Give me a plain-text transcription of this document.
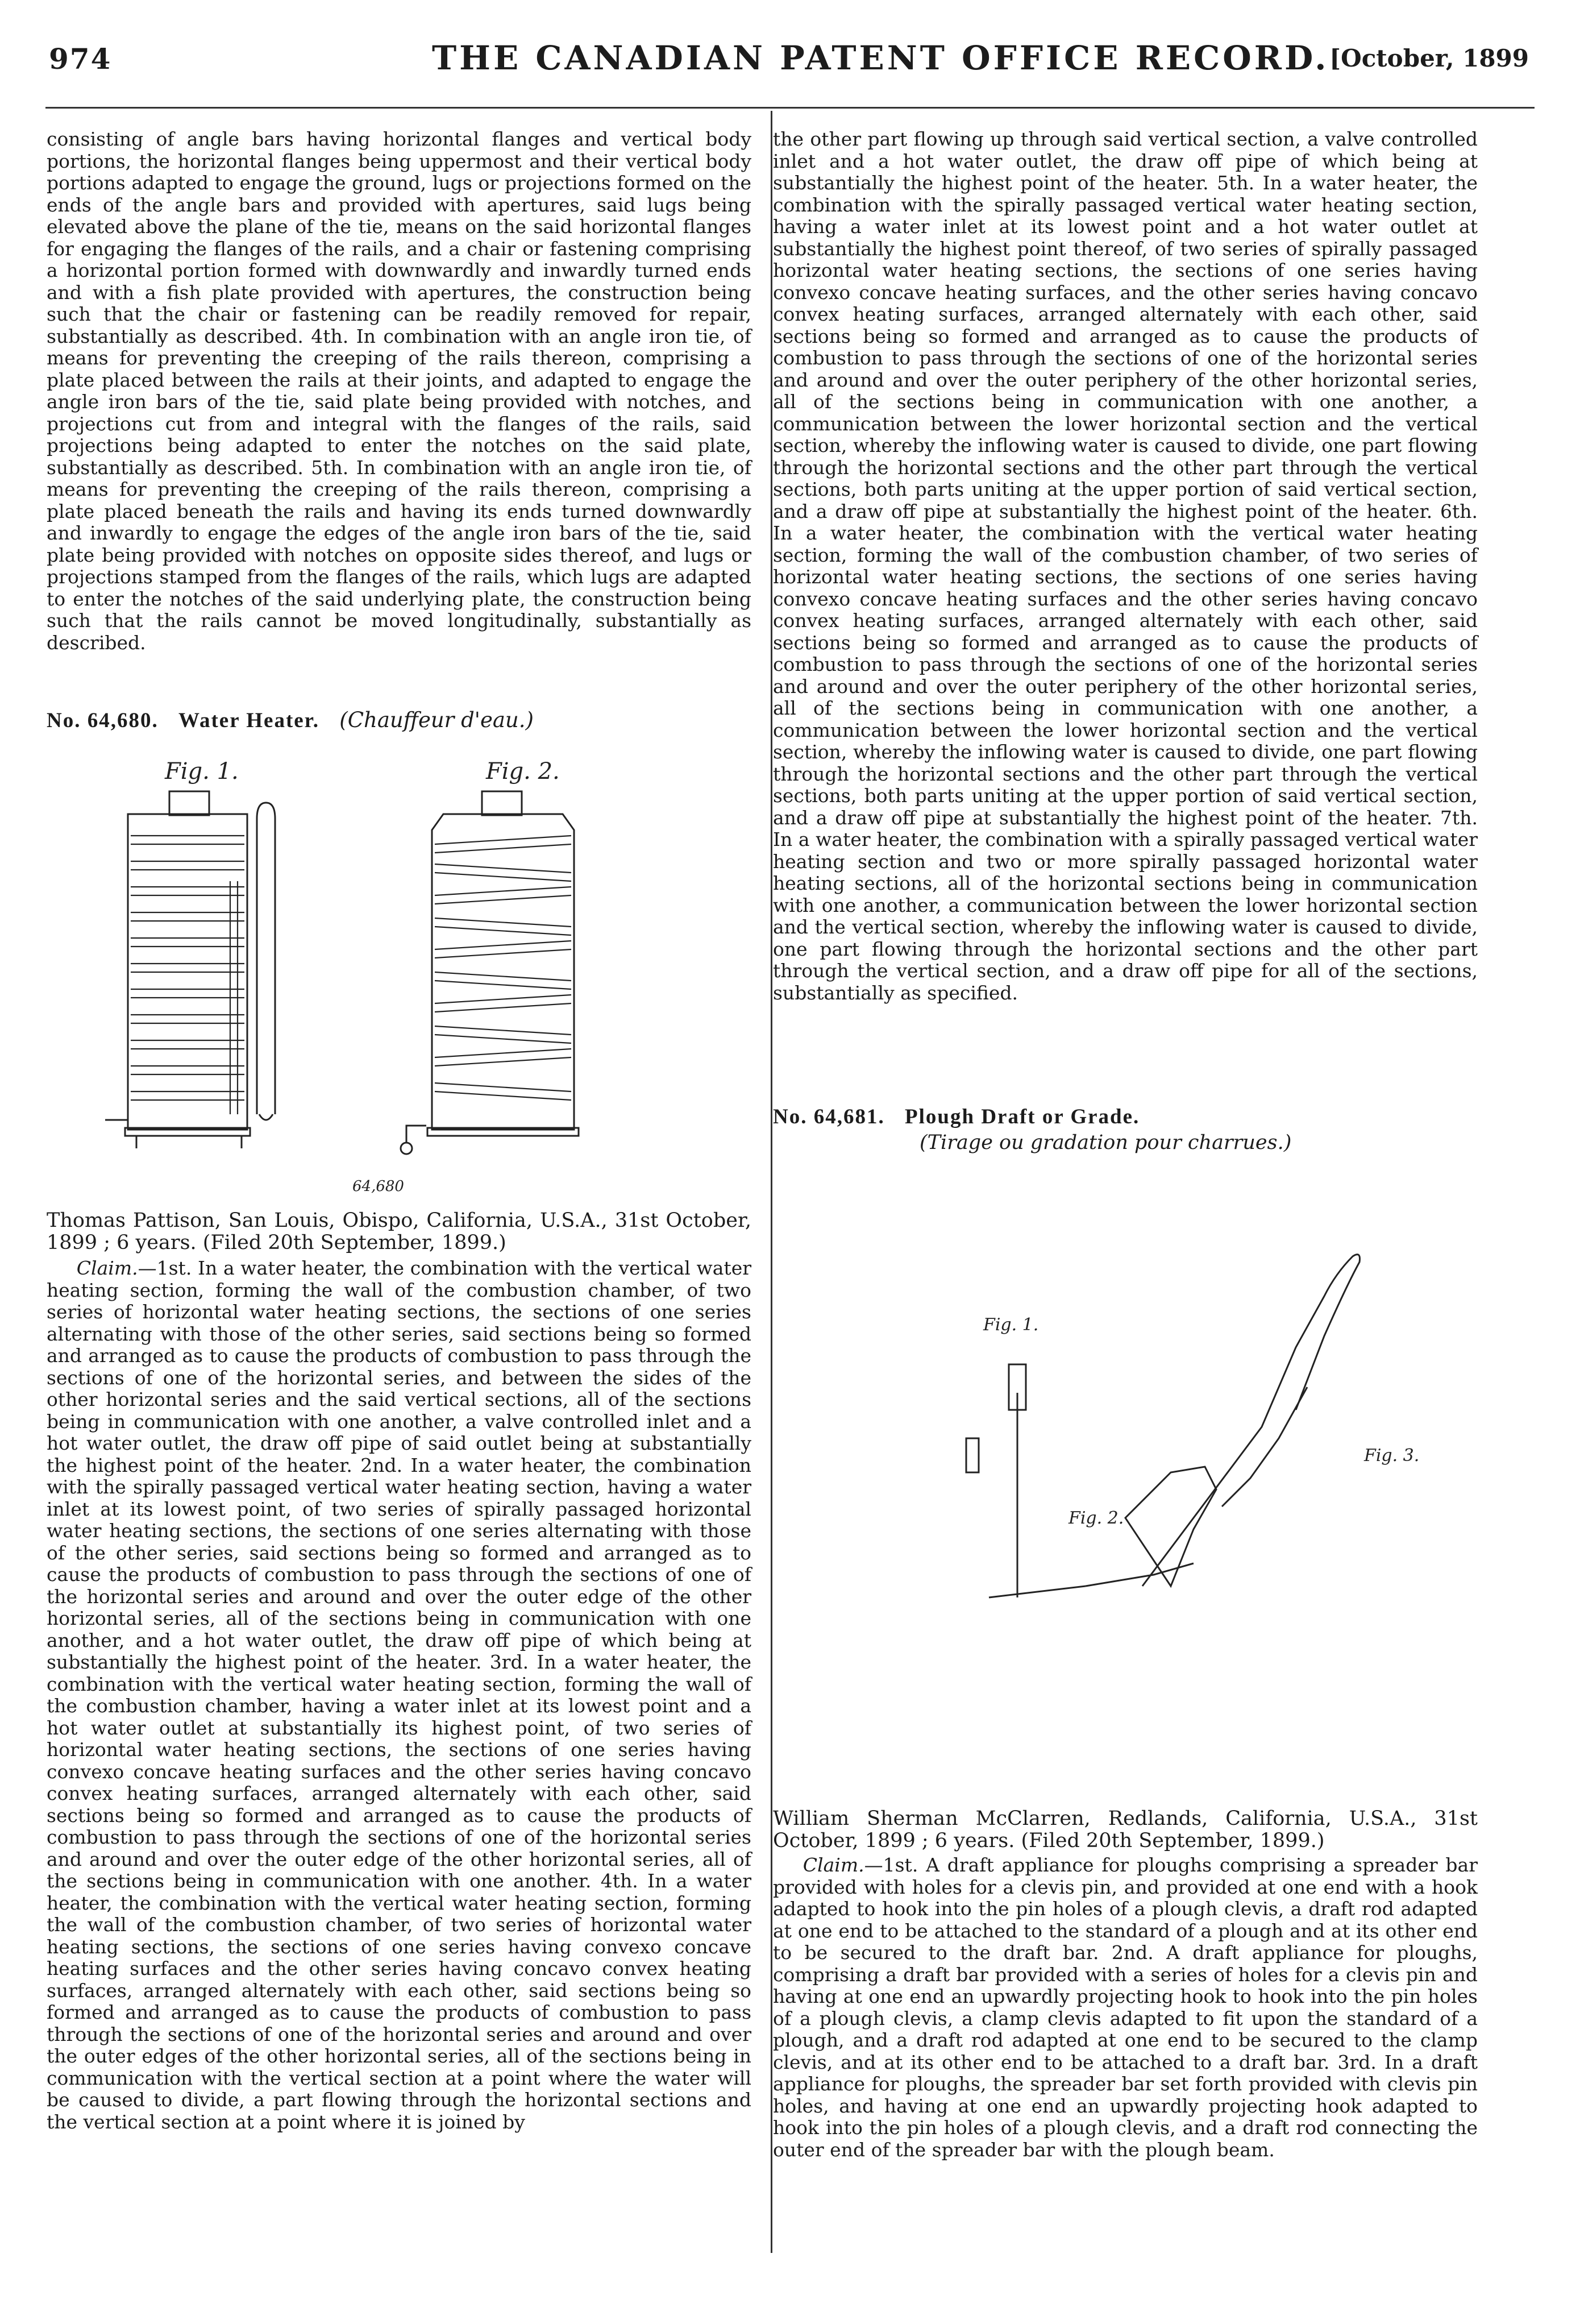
974	THE CANADIAN PATENT OFFICE RECORD. [October, 1899

consisting of angle bars having horizontal flanges and vertical body portions, the horizontal flanges being uppermost and their vertical body portions adapted to engage the ground, lugs or projections formed on the ends of the angle bars and provided with apertures, said lugs being elevated above the plane of the tie, means on the said horizontal flanges for engaging the flanges of the rails, and a chair or fastening comprising a horizontal portion formed with downwardly and inwardly turned ends and with a fish plate provided with apertures, the construction being such that the chair or fastening can be readily removed for repair, substantially as described. 4th. In combination with an angle iron tie, of means for preventing the creeping of the rails thereon, comprising a plate placed between the rails at their joints, and adapted to engage the angle iron bars of the tie, said plate being provided with notches, and projections cut from and integral with the flanges of the rails, said projections being adapted to enter the notches on the said plate, substantially as described. 5th. In combination with an angle iron tie, of means for preventing the creeping of the rails thereon, comprising a plate placed beneath the rails and having its ends turned downwardly and inwardly to engage the edges of the angle iron bars of the tie, said plate being provided with notches on opposite sides thereof, and lugs or projections stamped from the flanges of the rails, which lugs are adapted to enter the notches of the said underlying plate, the construction being such that the rails cannot be moved longitudinally, substantially as described.

No. 64,680. Water Heater. (Chauffeur d'eau.)
Fig. 1.	Fig. 2.
64,680
Thomas Pattison, San Louis, Obispo, California, U.S.A., 31st October, 1899 ; 6 years. (Filed 20th September, 1899.)

Claim.—1st. In a water heater, the combination with the vertical water heating section, forming the wall of the combustion chamber, of two series of horizontal water heating sections, the sections of one series alternating with those of the other series, said sections being so formed and arranged as to cause the products of combustion to pass through the sections of one of the horizontal series, and between the sides of the other horizontal series and the said vertical sections, all of the sections being in communication with one another, a valve controlled inlet and a hot water outlet, the draw off pipe of said outlet being at substantially the highest point of the heater. 2nd. In a water heater, the combination with the spirally passaged vertical water heating section, having a water inlet at its lowest point, of two series of spirally passaged horizontal water heating sections, the sections of one series alternating with those of the other series, said sections being so formed and arranged as to cause the products of combustion to pass through the sections of one of the horizontal series and around and over the outer edge of the other horizontal series, all of the sections being in communication with one another, and a hot water outlet, the draw off pipe of which being at substantially the highest point of the heater. 3rd. In a water heater, the combination with the vertical water heating section, forming the wall of the combustion chamber, having a water inlet at its lowest point and a hot water outlet at substantially its highest point, of two series of horizontal water heating sections, the sections of one series having convexo concave heating surfaces and the other series having concavo convex heating surfaces, arranged alternately with each other, said sections being so formed and arranged as to cause the products of combustion to pass through the sections of one of the horizontal series and around and over the outer edge of the other horizontal series, all of the sections being in communication with one another. 4th. In a water heater, the combination with the vertical water heating section, forming the wall of the combustion chamber, of two series of horizontal water heating sections, the sections of one series having convexo concave heating surfaces and the other series having concavo convex heating surfaces, arranged alternately with each other, said sections being so formed and arranged as to cause the products of combustion to pass through the sections of one of the horizontal series and around and over the outer edges of the other horizontal series, all of the sections being in communication with the vertical section at a point where the water will be caused to divide, a part flowing through the horizontal sections and the vertical section at a point where it is joined by

the other part flowing up through said vertical section, a valve controlled inlet and a hot water outlet, the draw off pipe of which being at substantially the highest point of the heater. 5th. In a water heater, the combination with the spirally passaged vertical water heating section, having a water inlet at its lowest point and a hot water outlet at substantially the highest point thereof, of two series of spirally passaged horizontal water heating sections, the sections of one series having convexo concave heating surfaces, and the other series having concavo convex heating surfaces, arranged alternately with each other, said sections being so formed and arranged as to cause the products of combustion to pass through the sections of one of the horizontal series and around and over the outer periphery of the other horizontal series, all of the sections being in communication with one another, a communication between the lower horizontal section and the vertical section, whereby the inflowing water is caused to divide, one part flowing through the horizontal sections and the other part through the vertical sections, both parts uniting at the upper portion of said vertical section, and a draw off pipe at substantially the highest point of the heater. 6th. In a water heater, the combination with the vertical water heating section, forming the wall of the combustion chamber, of two series of horizontal water heating sections, the sections of one series having convexo concave heating surfaces and the other series having concavo convex heating surfaces, arranged alternately with each other, said sections being so formed and arranged as to cause the products of combustion to pass through the sections of one of the horizontal series and around and over the outer periphery of the other horizontal series, all of the sections being in communication with one another, a communication between the lower horizontal section and the vertical section, whereby the inflowing water is caused to divide, one part flowing through the horizontal sections and the other part through the vertical sections, both parts uniting at the upper portion of said vertical section, and a draw off pipe at substantially the highest point of the heater. 7th. In a water heater, the combination with a spirally passaged vertical water heating section and two or more spirally passaged horizontal water heating sections, all of the horizontal sections being in communication with one another, a communication between the lower horizontal section and the vertical section, whereby the inflowing water is caused to divide, one part flowing through the horizontal sections and the other part through the vertical section, and a draw off pipe for all of the sections, substantially as specified.

No. 64,681. Plough Draft or Grade.
(Tirage ou gradation pour charrues.)
Fig. 1.
Fig. 2.
Fig. 3.
William Sherman McClarren, Redlands, California, U.S.A., 31st October, 1899 ; 6 years. (Filed 20th September, 1899.)

Claim.—1st. A draft appliance for ploughs comprising a spreader bar provided with holes for a clevis pin, and provided at one end with a hook adapted to hook into the pin holes of a plough clevis, a draft rod adapted at one end to be attached to the standard of a plough and at its other end to be secured to the draft bar. 2nd. A draft appliance for ploughs, comprising a draft bar provided with a series of holes for a clevis pin and having at one end an upwardly projecting hook to hook into the pin holes of a plough clevis, a clamp clevis adapted to fit upon the standard of a plough, and a draft rod adapted at one end to be secured to the clamp clevis, and at its other end to be attached to a draft bar. 3rd. In a draft appliance for ploughs, the spreader bar set forth provided with clevis pin holes, and having at one end an upwardly projecting hook adapted to hook into the pin holes of a plough clevis, and a draft rod connecting the outer end of the spreader bar with the plough beam.
